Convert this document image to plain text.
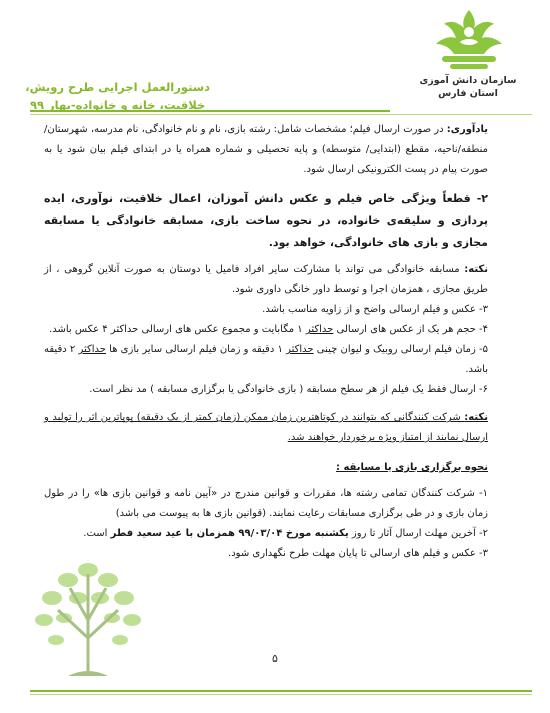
سازمان دانش آموزی
استان فارس
دستورالعمل اجرایی طرح رویش،
خلاقیت، خانه و خانواده-بهار ۹۹

یادآوری: در صورت ارسال فیلم؛ مشخصات شامل: رشته بازی، نام و نام خانوادگی، نام مدرسه، شهرستان/منطقه/ناحیه، مقطع (ابتدایی/ متوسطه) و پایه تحصیلی و شماره همراه یا در ابتدای فیلم بیان شود یا به صورت پیام در پست الکترونیکی ارسال شود.

۲- قطعاً ویژگی خاص فیلم و عکس دانش آموزان، اعمال خلاقیت، نوآوری، ایده پردازی و سلیقه‌ی خانواده، در نحوه ساخت بازی، مسابقه خانوادگی یا مسابقه مجازی و بازی های خانوادگی، خواهد بود.

نکته: مسابقه خانوادگی می تواند با مشارکت سایر افراد فامیل یا دوستان به صورت آنلاین گروهی ، از طریق مجازی ، همزمان اجرا و توسط داور خانگی داوری شود.

۳- عکس و فیلم ارسالی واضح و از زاویه مناسب باشد.

۴- حجم هر یک از عکس های ارسالی حداکثر ۱ مگابایت و مجموع عکس های ارسالی حداکثر ۴ عکس باشد.

۵- زمان فیلم ارسالی روبیک و لیوان چینی حداکثر ۱ دقیقه و زمان فیلم ارسالی سایر بازی ها حداکثر ۲ دقیقه باشد.

۶- ارسال فقط یک فیلم از هر سطح مسابقه ( بازی خانوادگی یا برگزاری مسابقه ) مد نظر است.

نکته: شرکت کنندگانی که بتوانند در کوتاهترین زمان ممکن (زمان کمتر از یک دقیقه) پوپاترین اثر را تولید و ارسال نمایند از امتیاز ویژه برخوردار خواهند شد.

نحوه برگزاری بازی یا مسابقه :

۱- شرکت کنندگان تمامی رشته ها، مقررات و قوانین مندرج در «آیین نامه و قوانین بازی ها» را در طول زمان بازی و در طی برگزاری مسابقات رعایت نمایند. (قوانین بازی ها به پیوست می باشد)

۲- آخرین مهلت ارسال آثار تا روز یکشنبه مورخ ۹۹/۰۳/۰۴ همزمان با عید سعید فطر است.

۳- عکس و فیلم های ارسالی تا پایان مهلت طرح نگهداری شود.

۵
